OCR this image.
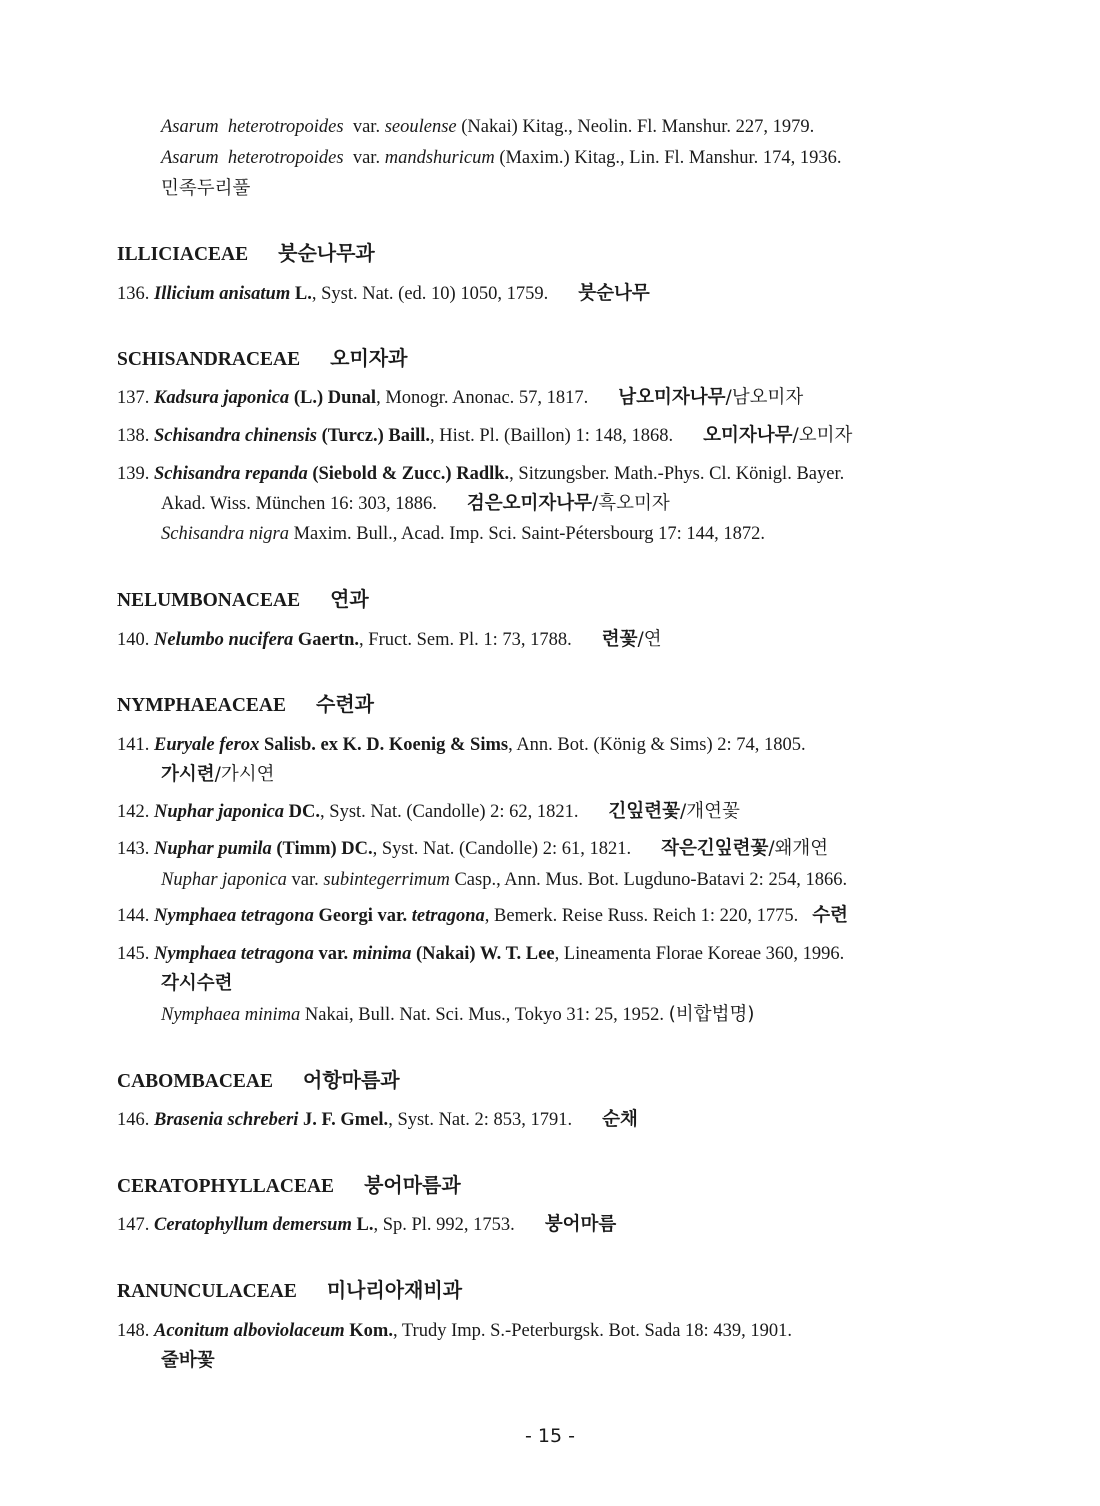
Asarum heterotropoides var. seoulense (Nakai) Kitag., Neolin. Fl. Manshur. 227, 1979.
Asarum heterotropoides var. mandshuricum (Maxim.) Kitag., Lin. Fl. Manshur. 174, 1936.
민족두리풀
ILLICIACEAE 붓순나무과
136. Illicium anisatum L., Syst. Nat. (ed. 10) 1050, 1759. 붓순나무
SCHISANDRACEAE 오미자과
137. Kadsura japonica (L.) Dunal, Monogr. Anonac. 57, 1817. 남오미자나무/남오미자
138. Schisandra chinensis (Turcz.) Baill., Hist. Pl. (Baillon) 1: 148, 1868. 오미자나무/오미자
139. Schisandra repanda (Siebold & Zucc.) Radlk., Sitzungsber. Math.-Phys. Cl. Königl. Bayer.
Akad. Wiss. München 16: 303, 1886. 검은오미자나무/흑오미자
Schisandra nigra Maxim. Bull., Acad. Imp. Sci. Saint-Pétersbourg 17: 144, 1872.
NELUMBONACEAE 연과
140. Nelumbo nucifera Gaertn., Fruct. Sem. Pl. 1: 73, 1788. 련꽃/연
NYMPHAEACEAE 수련과
141. Euryale ferox Salisb. ex K. D. Koenig & Sims, Ann. Bot. (König & Sims) 2: 74, 1805.
가시련/가시연
142. Nuphar japonica DC., Syst. Nat. (Candolle) 2: 62, 1821. 긴잎련꽃/개연꽃
143. Nuphar pumila (Timm) DC., Syst. Nat. (Candolle) 2: 61, 1821. 작은긴잎련꽃/왜개연
Nuphar japonica var. subintegerrimum Casp., Ann. Mus. Bot. Lugduno-Batavi 2: 254, 1866.
144. Nymphaea tetragona Georgi var. tetragona, Bemerk. Reise Russ. Reich 1: 220, 1775. 수련
145. Nymphaea tetragona var. minima (Nakai) W. T. Lee, Lineamenta Florae Koreae 360, 1996.
각시수련
Nymphaea minima Nakai, Bull. Nat. Sci. Mus., Tokyo 31: 25, 1952. (비합법명)
CABOMBACEAE 어항마름과
146. Brasenia schreberi J. F. Gmel., Syst. Nat. 2: 853, 1791. 순채
CERATOPHYLLACEAE 붕어마름과
147. Ceratophyllum demersum L., Sp. Pl. 992, 1753. 붕어마름
RANUNCULACEAE 미나리아재비과
148. Aconitum alboviolaceum Kom., Trudy Imp. S.-Peterburgsk. Bot. Sada 18: 439, 1901.
줄바꽃
- 15 -
